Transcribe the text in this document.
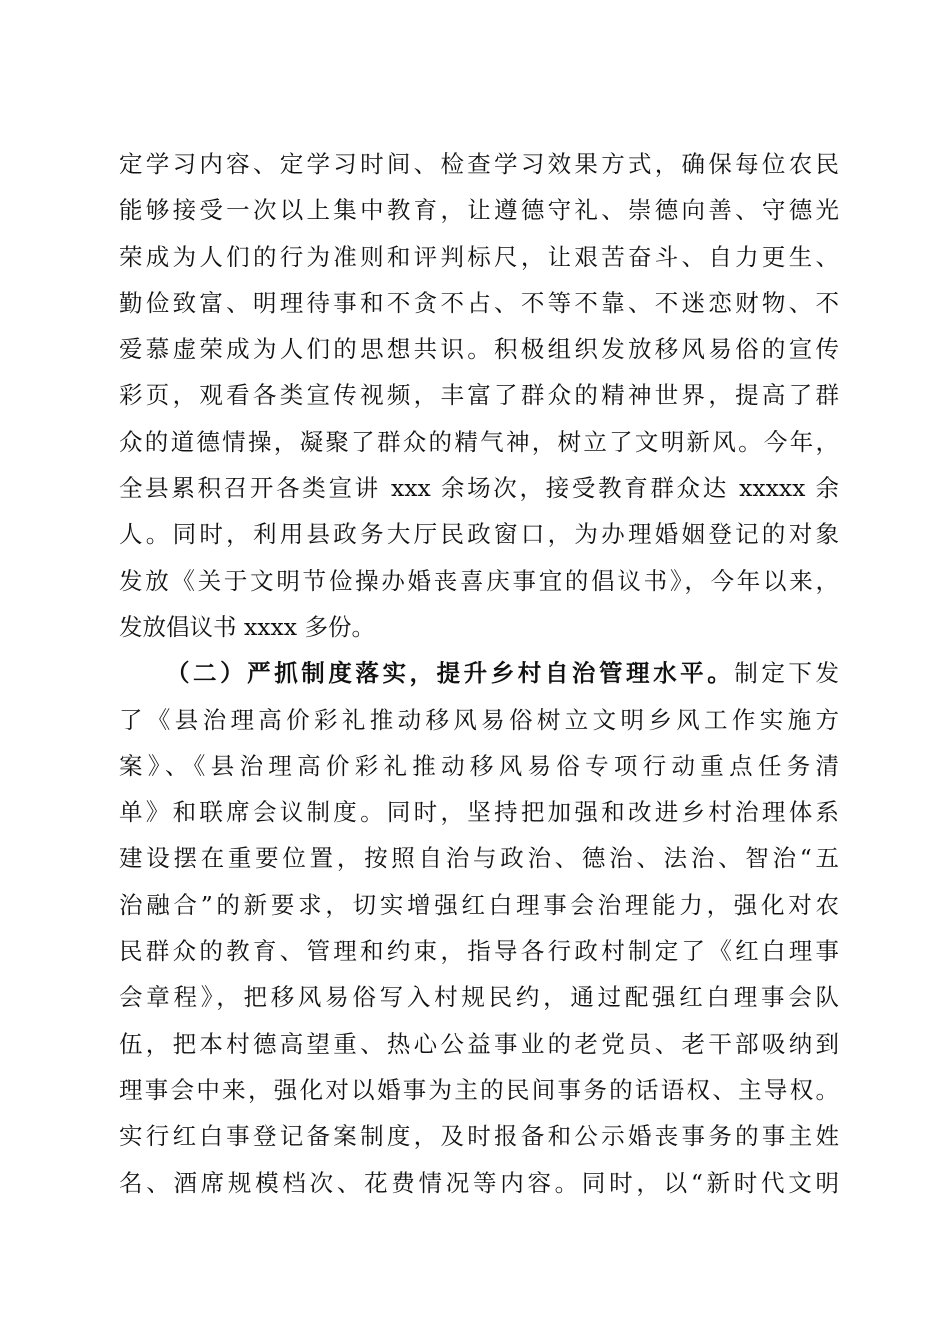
定学习内容、定学习时间、检查学习效果方式，确保每位农民
能够接受一次以上集中教育，让遵德守礼、崇德向善、守德光
荣成为人们的行为准则和评判标尺，让艰苦奋斗、自力更生、
勤俭致富、明理待事和不贪不占、不等不靠、不迷恋财物、不
爱慕虚荣成为人们的思想共识。积极组织发放移风易俗的宣传
彩页，观看各类宣传视频，丰富了群众的精神世界，提高了群
众的道德情操，凝聚了群众的精气神，树立了文明新风。今年，
全县累积召开各类宣讲 xxx 余场次，接受教育群众达 xxxxx 余
人。同时，利用县政务大厅民政窗口，为办理婚姻登记的对象
发放《关于文明节俭操办婚丧喜庆事宜的倡议书》，今年以来，
发放倡议书 xxxx 多份。
（二）严抓制度落实，提升乡村自治管理水平。制定下发
了《县治理高价彩礼推动移风易俗树立文明乡风工作实施方
案》、《县治理高价彩礼推动移风易俗专项行动重点任务清
单》和联席会议制度。同时，坚持把加强和改进乡村治理体系
建设摆在重要位置，按照自治与政治、德治、法治、智治“五
治融合”的新要求，切实增强红白理事会治理能力，强化对农
民群众的教育、管理和约束，指导各行政村制定了《红白理事
会章程》，把移风易俗写入村规民约，通过配强红白理事会队
伍，把本村德高望重、热心公益事业的老党员、老干部吸纳到
理事会中来，强化对以婚事为主的民间事务的话语权、主导权。
实行红白事登记备案制度，及时报备和公示婚丧事务的事主姓
名、酒席规模档次、花费情况等内容。同时，以“新时代文明
